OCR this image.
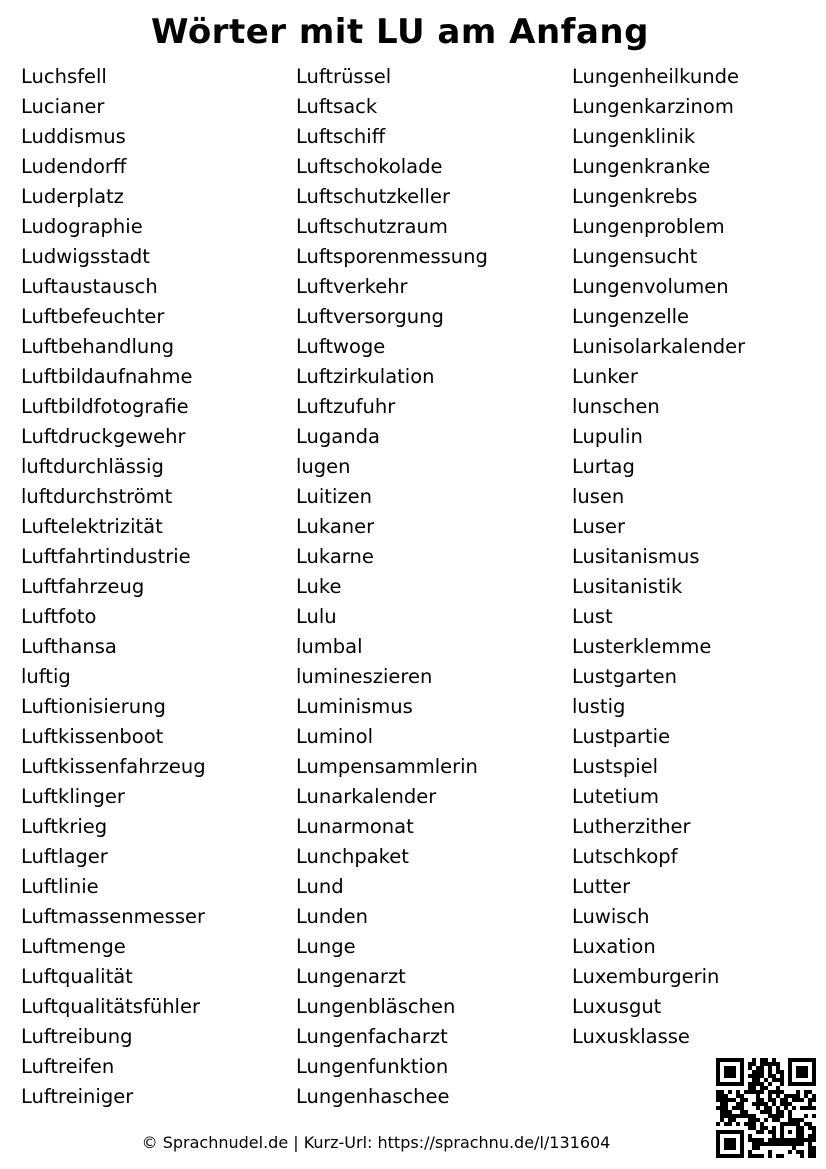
Wörter mit LU am Anfang
Luchsfell
Lucianer
Luddismus
Ludendorff
Luderplatz
Ludographie
Ludwigsstadt
Luftaustausch
Luftbefeuchter
Luftbehandlung
Luftbildaufnahme
Luftbildfotografie
Luftdruckgewehr
luftdurchlässig
luftdurchströmt
Luftelektrizität
Luftfahrtindustrie
Luftfahrzeug
Luftfoto
Lufthansa
luftig
Luftionisierung
Luftkissenboot
Luftkissenfahrzeug
Luftklinger
Luftkrieg
Luftlager
Luftlinie
Luftmassenmesser
Luftmenge
Luftqualität
Luftqualitätsfühler
Luftreibung
Luftreifen
Luftreiniger
Luftrüssel
Luftsack
Luftschiff
Luftschokolade
Luftschutzkeller
Luftschutzraum
Luftsporenmessung
Luftverkehr
Luftversorgung
Luftwoge
Luftzirkulation
Luftzufuhr
Luganda
lugen
Luitizen
Lukaner
Lukarne
Luke
Lulu
lumbal
lumineszieren
Luminismus
Luminol
Lumpensammlerin
Lunarkalender
Lunarmonat
Lunchpaket
Lund
Lunden
Lunge
Lungenarzt
Lungenbläschen
Lungenfacharzt
Lungenfunktion
Lungenhaschee
Lungenheilkunde
Lungenkarzinom
Lungenklinik
Lungenkranke
Lungenkrebs
Lungenproblem
Lungensucht
Lungenvolumen
Lungenzelle
Lunisolarkalender
Lunker
lunschen
Lupulin
Lurtag
lusen
Luser
Lusitanismus
Lusitanistik
Lust
Lusterklemme
Lustgarten
lustig
Lustpartie
Lustspiel
Lutetium
Lutherzither
Lutschkopf
Lutter
Luwisch
Luxation
Luxemburgerin
Luxusgut
Luxusklasse
© Sprachnudel.de | Kurz-Url: https://sprachnu.de/l/131604
